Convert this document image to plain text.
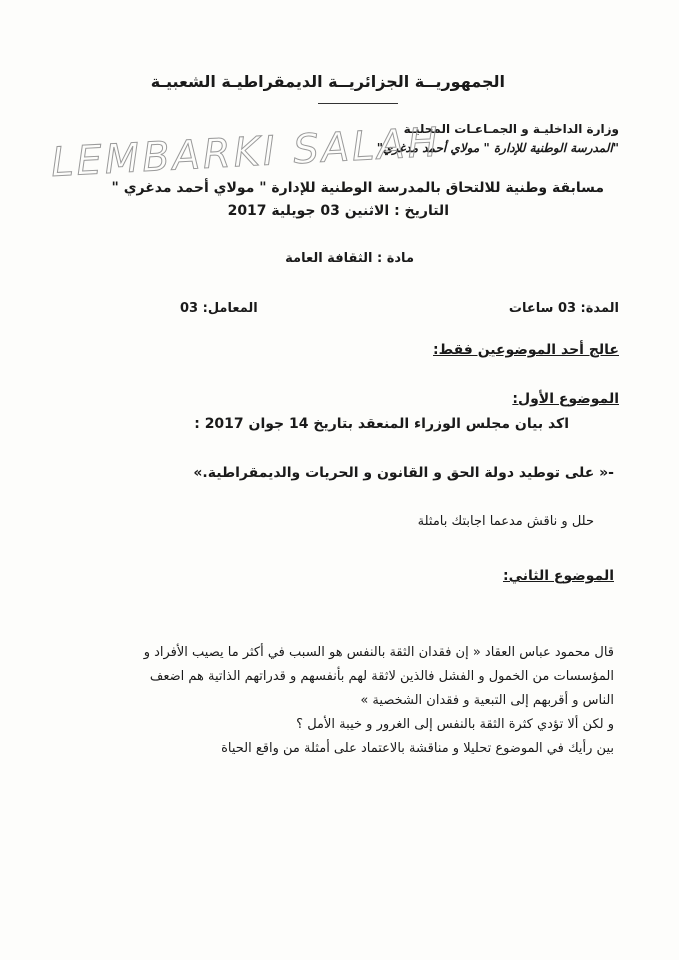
الجمهوريــة الجزائريــة الديمقراطيـة الشعبيـة
وزارة الداخليـة و الجمـاعـات المحليـة
"المدرسة الوطنية للإدارة " مولاي أحمد مدغري"
LEMBARKI SALAH
مسابقة وطنية للالتحاق بالمدرسة الوطنية للإدارة " مولاي أحمد مدغري "
التاريخ : الاثنين 03 جويلية 2017
مادة : الثقافة العامة
المدة: 03 ساعات
المعامل: 03
عالج أحد الموضوعين فقط:
الموضوع الأول:
اكد بيان مجلس الوزراء المنعقد بتاريخ 14 جوان 2017 :
-« على توطيد دولة الحق و القانون و الحريات والديمقراطية.»
حلل و ناقش مدعما اجابتك بامثلة
الموضوع الثاني:
قال محمود عباس العقاد « إن فقدان الثقة بالنفس هو السبب في أكثر ما يصيب الأفراد و
المؤسسات من الخمول و الفشل فالذين لاثقة لهم بأنفسهم و قدراتهم الذاتية هم اضعف
الناس و أقربهم إلى التبعية و فقدان الشخصية »
و لكن ألا تؤدي كثرة الثقة بالنفس إلى الغرور و خيبة الأمل ؟
بين رأيك في الموضوع تحليلا و مناقشة بالاعتماد على أمثلة من واقع الحياة
